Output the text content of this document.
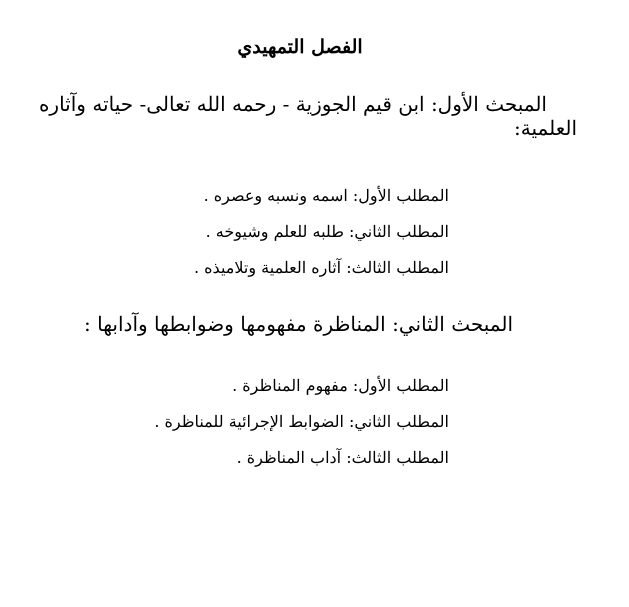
الفصل التمهيدي
المبحث الأول: ابن قيم الجوزية - رحمه الله تعالى- حياته وآثاره
العلمية:
المطلب الأول: اسمه ونسبه وعصره .
المطلب الثاني: طلبه للعلم وشيوخه .
المطلب الثالث: آثاره العلمية وتلاميذه .
المبحث الثاني: المناظرة مفهومها وضوابطها وآدابها :
المطلب الأول: مفهوم المناظرة .
المطلب الثاني: الضوابط الإجرائية للمناظرة .
المطلب الثالث: آداب المناظرة .
